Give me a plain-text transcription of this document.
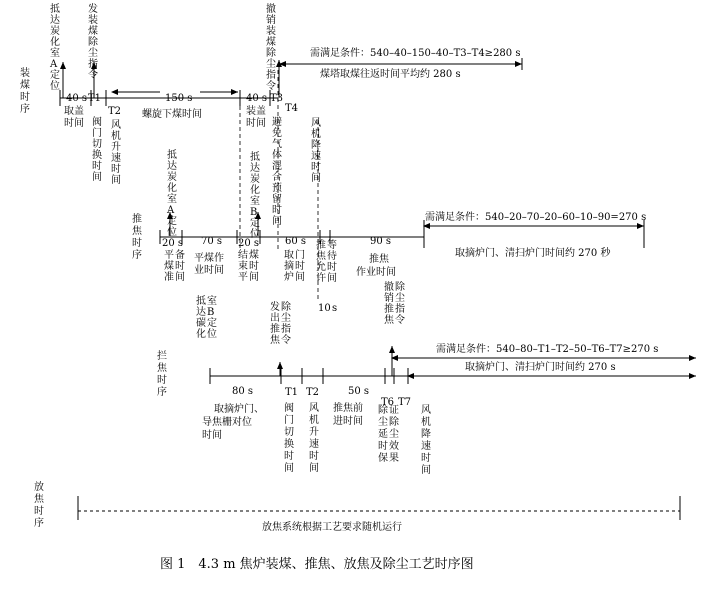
装
煤
时
序
推
焦
时
序
拦
焦
时
序
放
焦
时
序
抵
达
炭
化
室
A
定
位
发
装
煤
除
尘
指
令
撤
销
装
煤
除
尘
指
令
需满足条件：540–40–150–40–T3–T4≥280 s
煤塔取煤往返时间平均约 280 s
40 s T1	150 s	40 s T3
T4
取盖
时间
T2 螺旋下煤时间	装盖
时间
阀
门
切
换
时
间
风
机
升
速
时
间
避
免
气
体
混
合
预
留
时
间
风
机
降
速
时
间
抵
达
炭
化
室
A
定
位
抵
达
炭
化
室
B
定
位
需满足条件：540–20–70–20–60–10–90=270 s
取摘炉门、清扫炉门时间约 270 秒
20 s 70 s 20 s	60 s	90 s
平
煤
准
备
时
间
平煤作
业时间
结
束
平
煤
时
间
取
摘
炉
门
时
间
推
焦
允
许
等
待
时
间
10 s
推焦
作业时间
抵
达
碳
化
室
B
定
位
发
出
推
焦
除
尘
指
令
撤
销
推
焦
除
尘
指
令
需满足条件：540–80–T1–T2–50–T6–T7≥270 s
取摘炉门、清扫炉门时间约 270 s
80 s	T1 T2	50 s
T6 T7
取摘炉门、
导焦栅对位
时间
阀
门
切
换
时
间
风
机
升
速
时
间
推焦前
进时间
除
尘
延
时
保
证
除
尘
效
果
风
机
降
速
时
间
放焦系统根据工艺要求随机运行
图 1　4.3 m 焦炉装煤、推焦、放焦及除尘工艺时序图
